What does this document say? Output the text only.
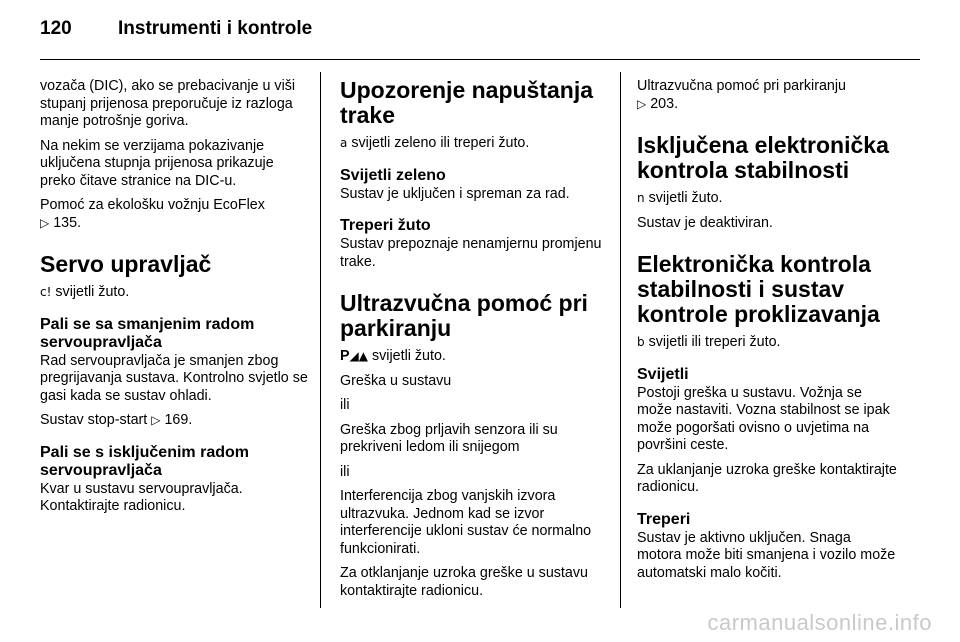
120	Instrumenti i kontrole

vozača (DIC), ako se prebacivanje u viši stupanj prijenosa preporučuje iz razloga manje potrošnje goriva.

Na nekim se verzijama pokazivanje uključena stupnja prijenosa prikazuje preko čitave stranice na DIC-u.

Pomoć za ekološku vožnju EcoFlex
▷ 135.

Servo upravljač

c! svijetli žuto.

Pali se sa smanjenim radom servoupravljača

Rad servoupravljača je smanjen zbog pregrijavanja sustava. Kontrolno svjetlo se gasi kada se sustav ohladi.

Sustav stop-start ▷ 169.

Pali se s isključenim radom servoupravljača

Kvar u sustavu servoupravljača. Kontaktirajte radionicu.

Upozorenje napuštanja trake

a svijetli zeleno ili treperi žuto.

Svijetli zeleno

Sustav je uključen i spreman za rad.

Treperi žuto

Sustav prepoznaje nenamjernu promjenu trake.

Ultrazvučna pomoć pri parkiranju

P◢▲ svijetli žuto.

Greška u sustavu

ili

Greška zbog prljavih senzora ili su prekriveni ledom ili snijegom

ili

Interferencija zbog vanjskih izvora ultrazvuka. Jednom kad se izvor interferencije ukloni sustav će normalno funkcionirati.

Za otklanjanje uzroka greške u sustavu kontaktirajte radionicu.

Ultrazvučna pomoć pri parkiranju
▷ 203.

Isključena elektronička kontrola stabilnosti

n svijetli žuto.

Sustav je deaktiviran.

Elektronička kontrola stabilnosti i sustav kontrole proklizavanja

b svijetli ili treperi žuto.

Svijetli

Postoji greška u sustavu. Vožnja se može nastaviti. Vozna stabilnost se ipak može pogoršati ovisno o uvjetima na površini ceste.

Za uklanjanje uzroka greške kontaktirajte radionicu.

Treperi

Sustav je aktivno uključen. Snaga motora može biti smanjena i vozilo može automatski malo kočiti.

carmanualsonline.info
